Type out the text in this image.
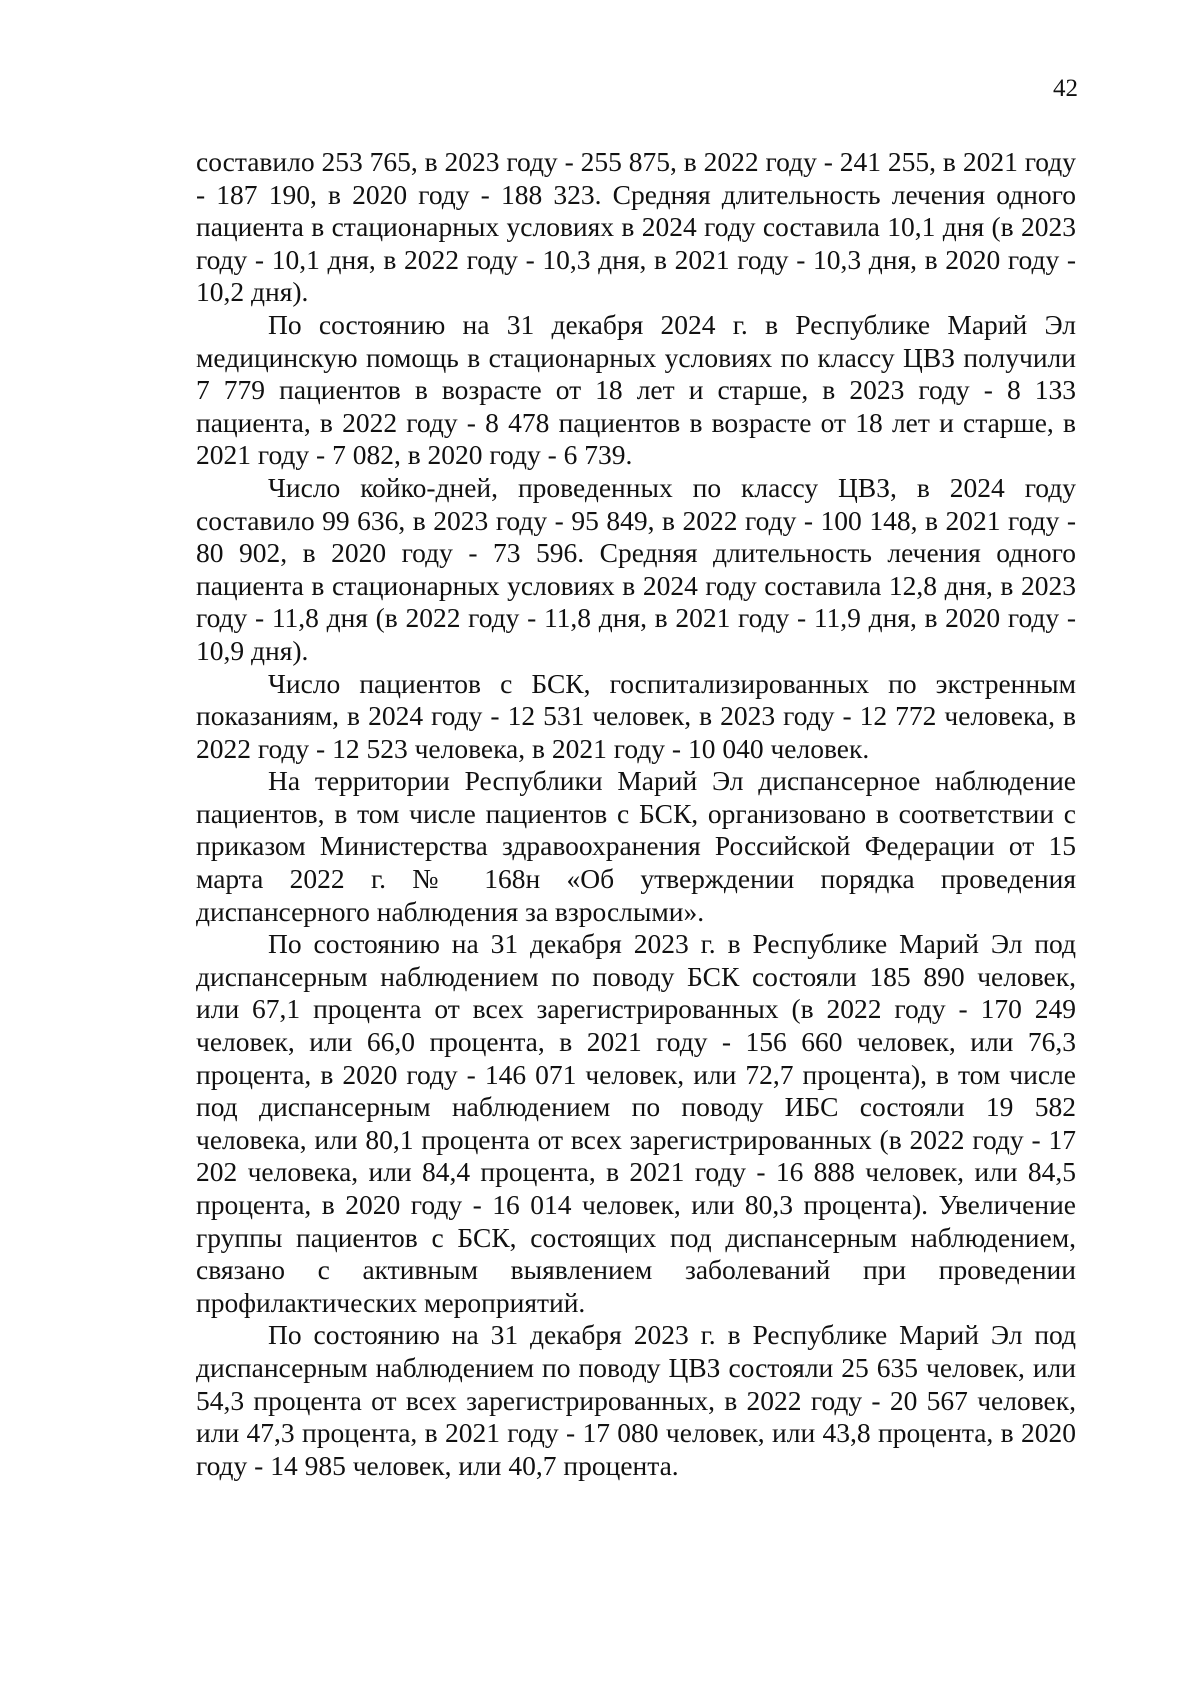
42

составило 253 765, в 2023 году - 255 875, в 2022 году - 241 255, в 2021 году - 187 190, в 2020 году - 188 323. Средняя длительность лечения одного пациента в стационарных условиях в 2024 году составила 10,1 дня (в 2023 году - 10,1 дня, в 2022 году - 10,3 дня, в 2021 году - 10,3 дня, в 2020 году - 10,2 дня).

По состоянию на 31 декабря 2024 г. в Республике Марий Эл медицинскую помощь в стационарных условиях по классу ЦВЗ получили 7 779 пациентов в возрасте от 18 лет и старше, в 2023 году - 8 133 пациента, в 2022 году - 8 478 пациентов в возрасте от 18 лет и старше, в 2021 году - 7 082, в 2020 году - 6 739.

Число койко-дней, проведенных по классу ЦВЗ, в 2024 году составило 99 636, в 2023 году - 95 849, в 2022 году - 100 148, в 2021 году - 80 902, в 2020 году - 73 596. Средняя длительность лечения одного пациента в стационарных условиях в 2024 году составила 12,8 дня, в 2023 году - 11,8 дня (в 2022 году - 11,8 дня, в 2021 году - 11,9 дня, в 2020 году - 10,9 дня).

Число пациентов с БСК, госпитализированных по экстренным показаниям, в 2024 году - 12 531 человек, в 2023 году - 12 772 человека, в 2022 году - 12 523 человека, в 2021 году - 10 040 человек.

На территории Республики Марий Эл диспансерное наблюдение пациентов, в том числе пациентов с БСК, организовано в соответствии с приказом Министерства здравоохранения Российской Федерации от 15 марта 2022 г. № 168н «Об утверждении порядка проведения диспансерного наблюдения за взрослыми».

По состоянию на 31 декабря 2023 г. в Республике Марий Эл под диспансерным наблюдением по поводу БСК состояли 185 890 человек, или 67,1 процента от всех зарегистрированных (в 2022 году - 170 249 человек, или 66,0 процента, в 2021 году - 156 660 человек, или 76,3 процента, в 2020 году - 146 071 человек, или 72,7 процента), в том числе под диспансерным наблюдением по поводу ИБС состояли 19 582 человека, или 80,1 процента от всех зарегистрированных (в 2022 году - 17 202 человека, или 84,4 процента, в 2021 году - 16 888 человек, или 84,5 процента, в 2020 году - 16 014 человек, или 80,3 процента). Увеличение группы пациентов с БСК, состоящих под диспансерным наблюдением, связано с активным выявлением заболеваний при проведении профилактических мероприятий.

По состоянию на 31 декабря 2023 г. в Республике Марий Эл под диспансерным наблюдением по поводу ЦВЗ состояли 25 635 человек, или 54,3 процента от всех зарегистрированных, в 2022 году - 20 567 человек, или 47,3 процента, в 2021 году - 17 080 человек, или 43,8 процента, в 2020 году - 14 985 человек, или 40,7 процента.
